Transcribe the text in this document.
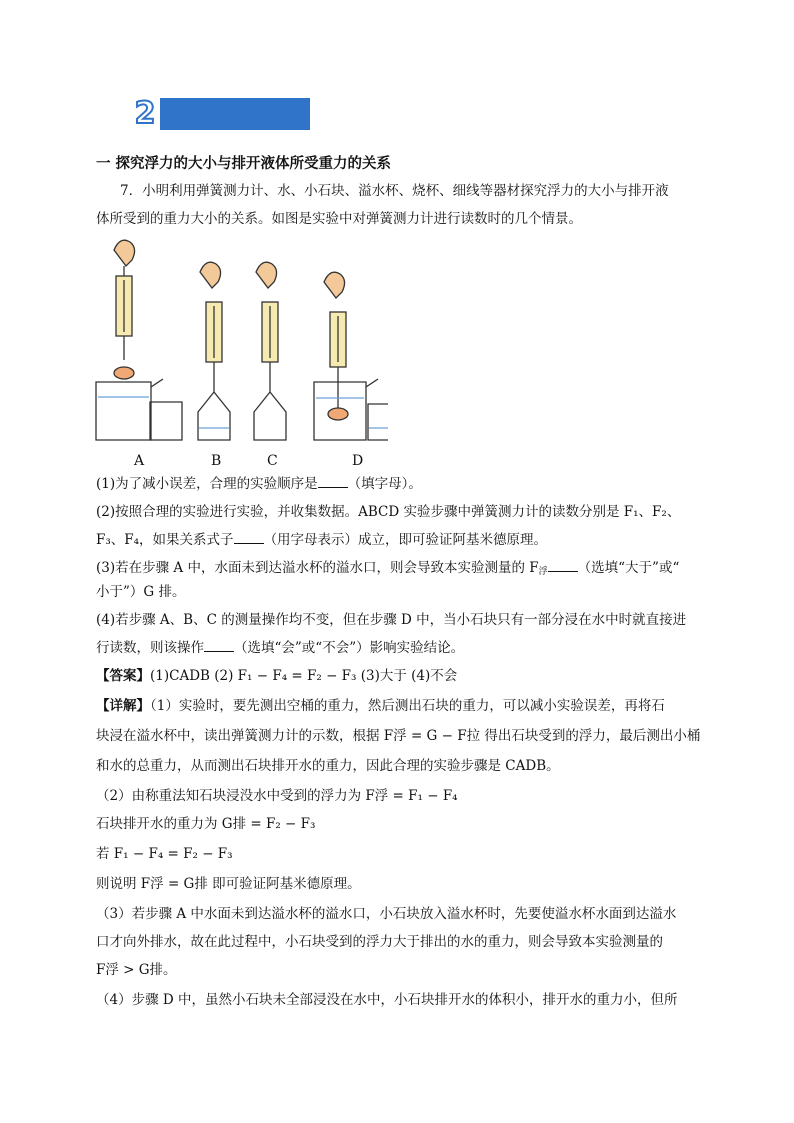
2
一 探究浮力的大小与排开液体所受重力的关系
7．小明利用弹簧测力计、水、小石块、溢水杯、烧杯、细线等器材探究浮力的大小与排开液
体所受到的重力大小的关系。如图是实验中对弹簧测力计进行读数时的几个情景。
A	B	C	D
(1)为了减小误差，合理的实验顺序是 （填字母）。
(2)按照合理的实验进行实验，并收集数据。ABCD 实验步骤中弹簧测力计的读数分别是 F₁、F₂、
F₃、F₄，如果关系式子 （用字母表示）成立，即可验证阿基米德原理。
(3)若在步骤 A 中，水面未到达溢水杯的溢水口，则会导致本实验测量的 $F_浮$ （选填“大于”或“
小于”）G 排。
(4)若步骤 A、B、C 的测量操作均不变，但在步骤 D 中，当小石块只有一部分浸在水中时就直接进
行读数，则该操作 （选填“会”或“不会”）影响实验结论。
【答案】(1)CADB (2) F₁ − F₄ = F₂ − F₃ (3)大于 (4)不会
【详解】（1）实验时，要先测出空桶的重力，然后测出石块的重力，可以减小实验误差，再将石
块浸在溢水杯中，读出弹簧测力计的示数，根据 F浮 = G − F拉 得出石块受到的浮力，最后测出小桶
和水的总重力，从而测出石块排开水的重力，因此合理的实验步骤是 CADB。
（2）由称重法知石块浸没水中受到的浮力为 F浮 = F₁ − F₄
石块排开水的重力为 G排 = F₂ − F₃
若 F₁ − F₄ = F₂ − F₃
则说明 F浮 = G排 即可验证阿基米德原理。
（3）若步骤 A 中水面未到达溢水杯的溢水口，小石块放入溢水杯时，先要使溢水杯水面到达溢水
口才向外排水，故在此过程中，小石块受到的浮力大于排出的水的重力，则会导致本实验测量的
F浮 > G排。
（4）步骤 D 中，虽然小石块未全部浸没在水中，小石块排开水的体积小，排开水的重力小，但所
